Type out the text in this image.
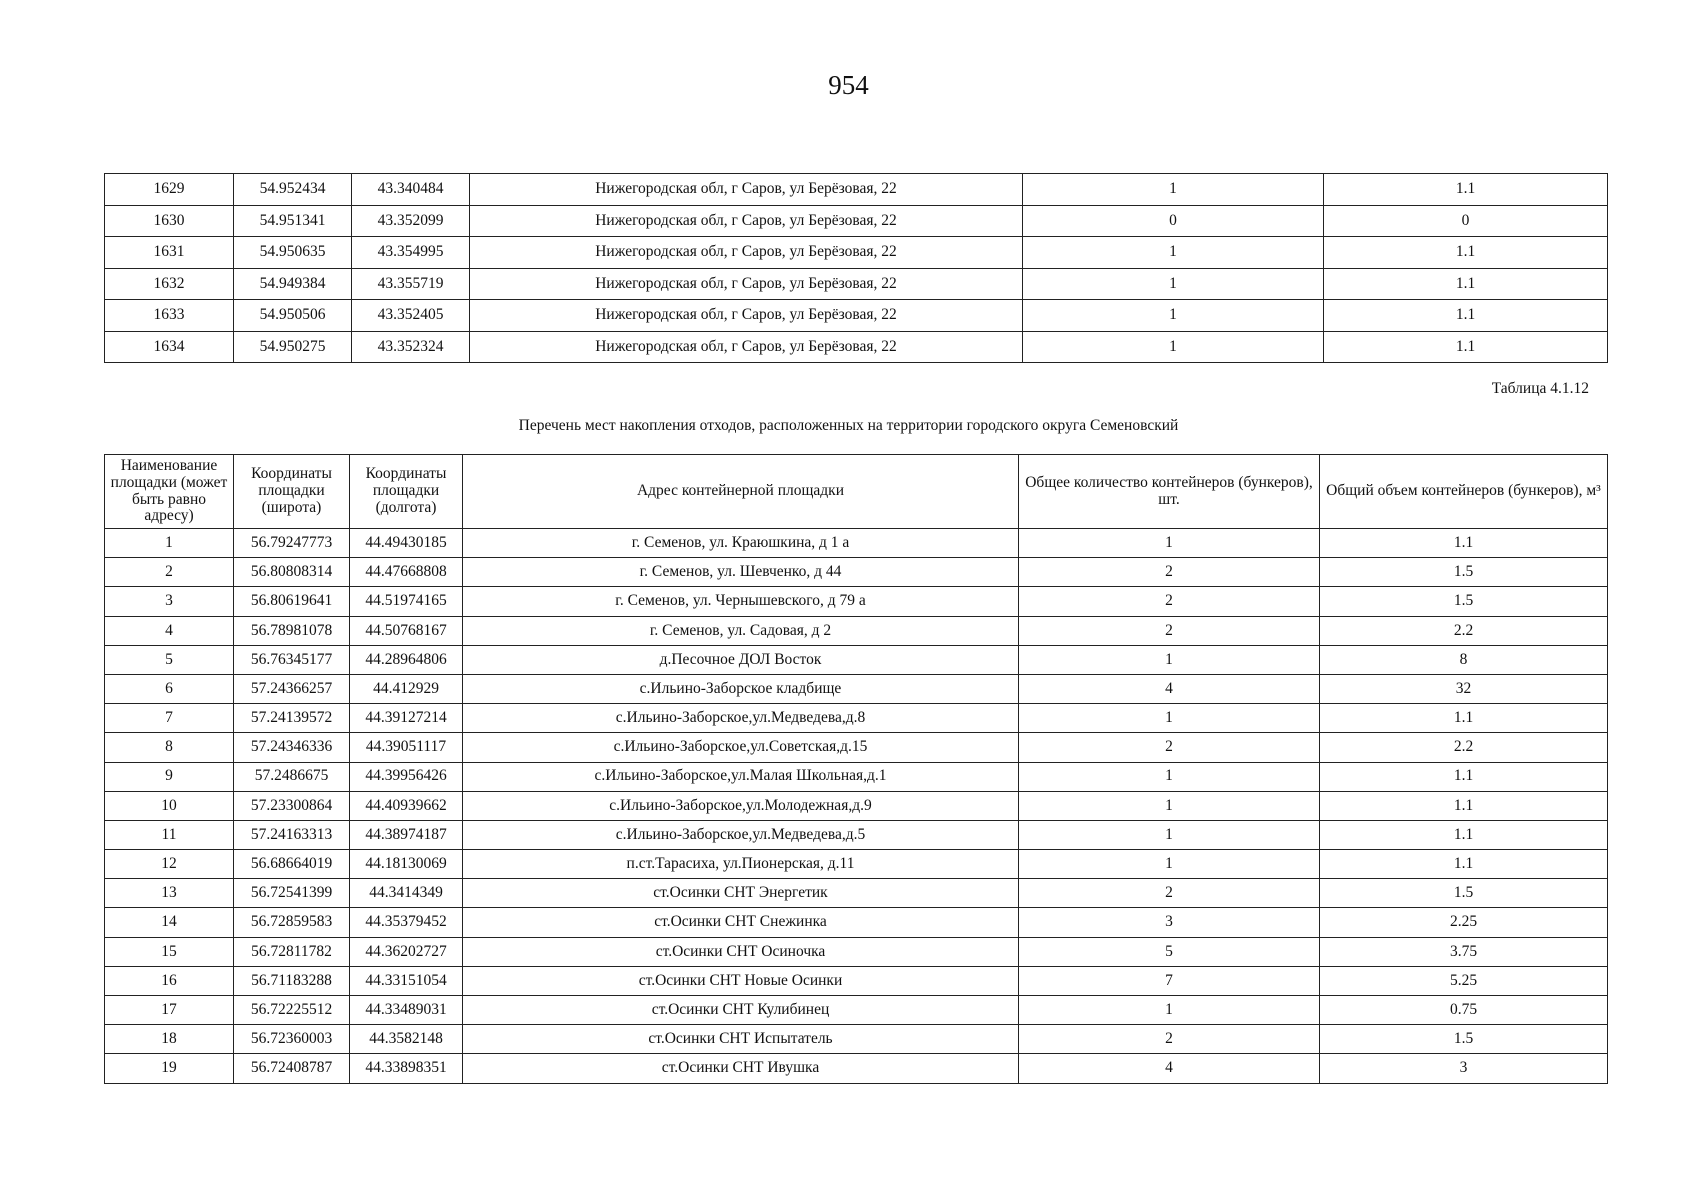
954
1629	54.952434	43.340484	Нижегородская обл, г Саров, ул Берёзовая, 22	1	1.1
1630	54.951341	43.352099	Нижегородская обл, г Саров, ул Берёзовая, 22	0	0
1631	54.950635	43.354995	Нижегородская обл, г Саров, ул Берёзовая, 22	1	1.1
1632	54.949384	43.355719	Нижегородская обл, г Саров, ул Берёзовая, 22	1	1.1
1633	54.950506	43.352405	Нижегородская обл, г Саров, ул Берёзовая, 22	1	1.1
1634	54.950275	43.352324	Нижегородская обл, г Саров, ул Берёзовая, 22	1	1.1
Таблица 4.1.12
Перечень мест накопления отходов, расположенных на территории городского округа Семеновский
Наименование площадки (может быть равно адресу)	Координаты площадки (широта)	Координаты площадки (долгота)	Адрес контейнерной площадки	Общее количество контейнеров (бункеров), шт.	Общий объем контейнеров (бункеров), м³
1	56.79247773	44.49430185	г. Семенов, ул. Краюшкина, д 1 а	1	1.1
2	56.80808314	44.47668808	г. Семенов, ул. Шевченко, д 44	2	1.5
3	56.80619641	44.51974165	г. Семенов, ул. Чернышевского, д 79 а	2	1.5
4	56.78981078	44.50768167	г. Семенов, ул. Садовая, д 2	2	2.2
5	56.76345177	44.28964806	д.Песочное ДОЛ Восток	1	8
6	57.24366257	44.412929	с.Ильино-Заборское кладбище	4	32
7	57.24139572	44.39127214	с.Ильино-Заборское,ул.Медведева,д.8	1	1.1
8	57.24346336	44.39051117	с.Ильино-Заборское,ул.Советская,д.15	2	2.2
9	57.2486675	44.39956426	с.Ильино-Заборское,ул.Малая Школьная,д.1	1	1.1
10	57.23300864	44.40939662	с.Ильино-Заборское,ул.Молодежная,д.9	1	1.1
11	57.24163313	44.38974187	с.Ильино-Заборское,ул.Медведева,д.5	1	1.1
12	56.68664019	44.18130069	п.ст.Тарасиха, ул.Пионерская, д.11	1	1.1
13	56.72541399	44.3414349	ст.Осинки СНТ Энергетик	2	1.5
14	56.72859583	44.35379452	ст.Осинки СНТ Снежинка	3	2.25
15	56.72811782	44.36202727	ст.Осинки СНТ Осиночка	5	3.75
16	56.71183288	44.33151054	ст.Осинки СНТ Новые Осинки	7	5.25
17	56.72225512	44.33489031	ст.Осинки СНТ Кулибинец	1	0.75
18	56.72360003	44.3582148	ст.Осинки СНТ Испытатель	2	1.5
19	56.72408787	44.33898351	ст.Осинки СНТ Ивушка	4	3
